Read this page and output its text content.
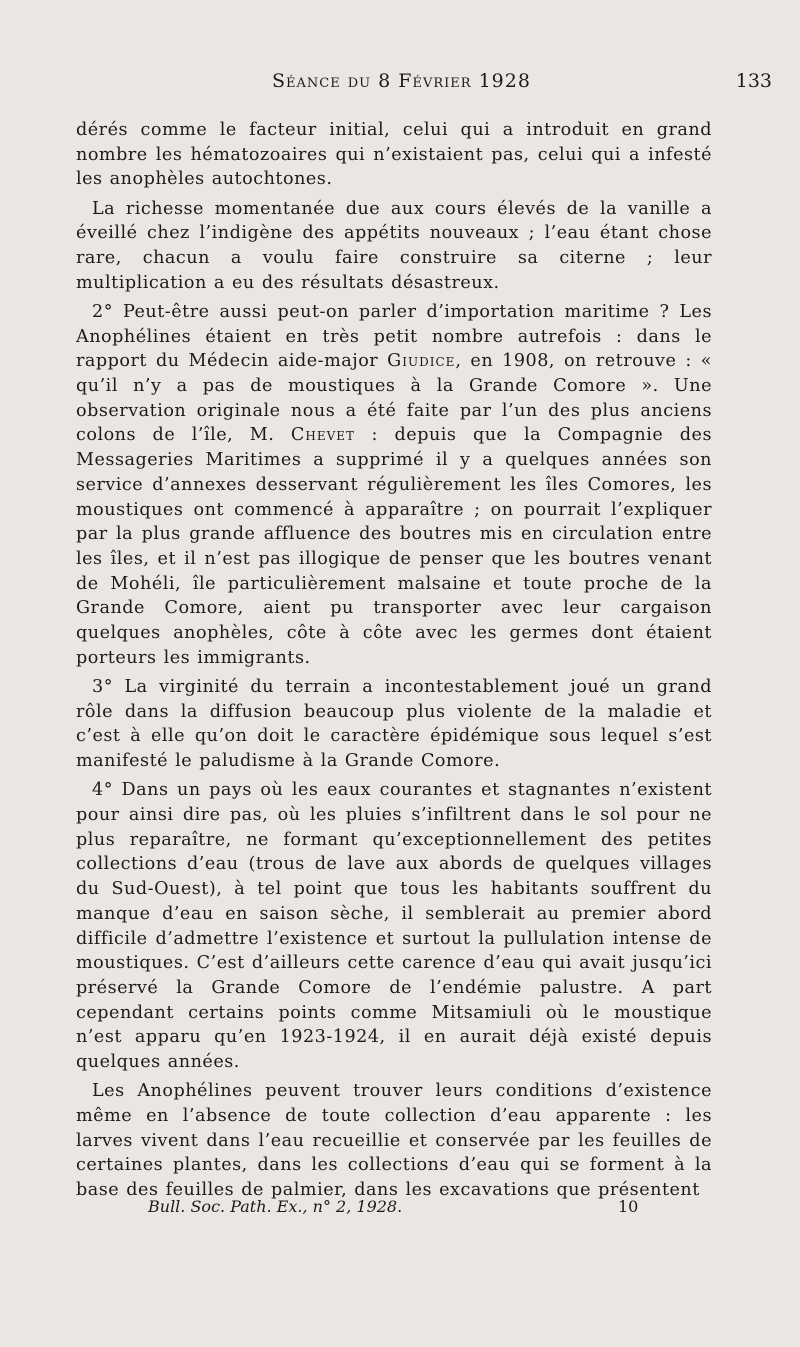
Séance du 8 Février 1928	133

dérés comme le facteur initial, celui qui a introduit en grand nombre les hématozoaires qui n’existaient pas, celui qui a infesté les anophèles autochtones.

La richesse momentanée due aux cours élevés de la vanille a éveillé chez l’indigène des appétits nouveaux ; l’eau étant chose rare, chacun a voulu faire construire sa citerne ; leur multiplication a eu des résultats désastreux.

2° Peut-être aussi peut-on parler d’importation maritime ? Les Anophélines étaient en très petit nombre autrefois : dans le rapport du Médecin aide-major Giudice, en 1908, on retrouve : « qu’il n’y a pas de moustiques à la Grande Comore ». Une observation originale nous a été faite par l’un des plus anciens colons de l’île, M. Chevet : depuis que la Compagnie des Messageries Maritimes a supprimé il y a quelques années son service d’annexes desservant régulièrement les îles Comores, les moustiques ont commencé à apparaître ; on pourrait l’expliquer par la plus grande affluence des boutres mis en circulation entre les îles, et il n’est pas illogique de penser que les boutres venant de Mohéli, île particulièrement malsaine et toute proche de la Grande Comore, aient pu transporter avec leur cargaison quelques anophèles, côte à côte avec les germes dont étaient porteurs les immigrants.

3° La virginité du terrain a incontestablement joué un grand rôle dans la diffusion beaucoup plus violente de la maladie et c’est à elle qu’on doit le caractère épidémique sous lequel s’est manifesté le paludisme à la Grande Comore.

4° Dans un pays où les eaux courantes et stagnantes n’existent pour ainsi dire pas, où les pluies s’infiltrent dans le sol pour ne plus reparaître, ne formant qu’exceptionnellement des petites collections d’eau (trous de lave aux abords de quelques villages du Sud-Ouest), à tel point que tous les habitants souffrent du manque d’eau en saison sèche, il semblerait au premier abord difficile d’admettre l’existence et surtout la pullulation intense de moustiques. C’est d’ailleurs cette carence d’eau qui avait jusqu’ici préservé la Grande Comore de l’endémie palustre. A part cependant certains points comme Mitsamiuli où le moustique n’est apparu qu’en 1923-1924, il en aurait déjà existé depuis quelques années.

Les Anophélines peuvent trouver leurs conditions d’existence même en l’absence de toute collection d’eau apparente : les larves vivent dans l’eau recueillie et conservée par les feuilles de certaines plantes, dans les collections d’eau qui se forment à la base des feuilles de palmier, dans les excavations que présentent

Bull. Soc. Path. Ex., n° 2, 1928.	10
